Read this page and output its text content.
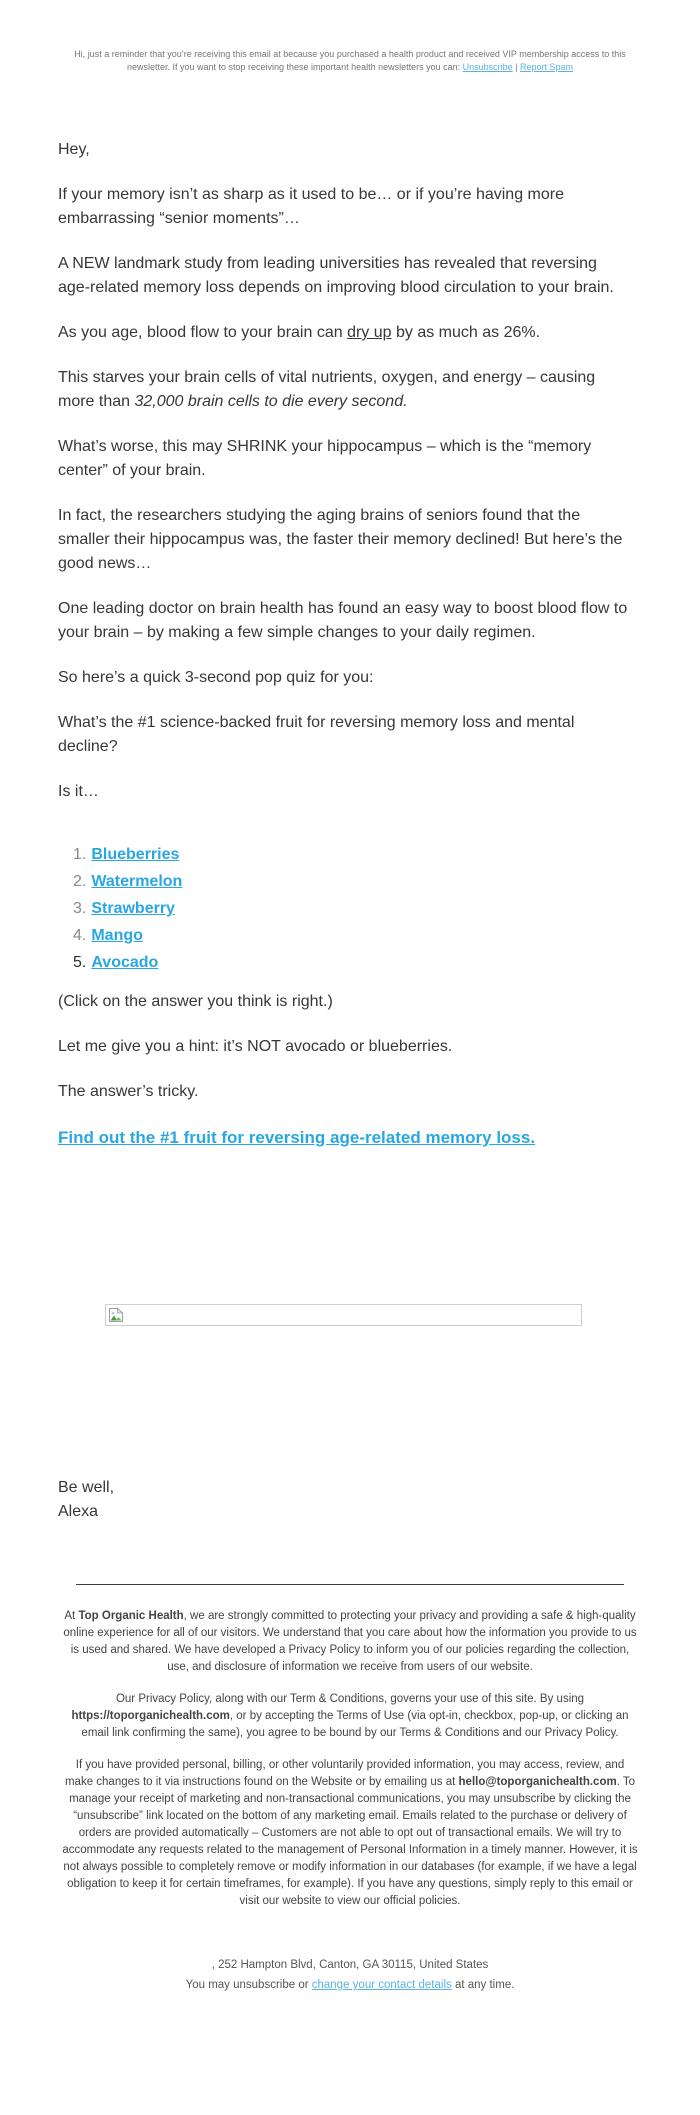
Hi, just a reminder that you’re receiving this email at because you purchased a health product and received VIP membership access to this newsletter. If you want to stop receiving these important health newsletters you can: Unsubscribe | Report Spam

Hey,

If your memory isn’t as sharp as it used to be… or if you’re having more embarrassing “senior moments”…

A NEW landmark study from leading universities has revealed that reversing age-related memory loss depends on improving blood circulation to your brain.

As you age, blood flow to your brain can dry up by as much as 26%.

This starves your brain cells of vital nutrients, oxygen, and energy – causing more than 32,000 brain cells to die every second.

What’s worse, this may SHRINK your hippocampus – which is the “memory center” of your brain.

In fact, the researchers studying the aging brains of seniors found that the smaller their hippocampus was, the faster their memory declined! But here’s the good news…

One leading doctor on brain health has found an easy way to boost blood flow to your brain – by making a few simple changes to your daily regimen.

So here’s a quick 3-second pop quiz for you:

What’s the #1 science-backed fruit for reversing memory loss and mental decline?

Is it…

1. Blueberries
2. Watermelon
3. Strawberry
4. Mango
5. Avocado

(Click on the answer you think is right.)

Let me give you a hint: it’s NOT avocado or blueberries.

The answer’s tricky.

Find out the #1 fruit for reversing age-related memory loss.

Be well,
Alexa

At Top Organic Health, we are strongly committed to protecting your privacy and providing a safe & high-quality online experience for all of our visitors. We understand that you care about how the information you provide to us is used and shared. We have developed a Privacy Policy to inform you of our policies regarding the collection, use, and disclosure of information we receive from users of our website.

Our Privacy Policy, along with our Term & Conditions, governs your use of this site. By using https://toporganichealth.com, or by accepting the Terms of Use (via opt-in, checkbox, pop-up, or clicking an email link confirming the same), you agree to be bound by our Terms & Conditions and our Privacy Policy.

If you have provided personal, billing, or other voluntarily provided information, you may access, review, and make changes to it via instructions found on the Website or by emailing us at hello@toporganichealth.com. To manage your receipt of marketing and non-transactional communications, you may unsubscribe by clicking the “unsubscribe” link located on the bottom of any marketing email. Emails related to the purchase or delivery of orders are provided automatically – Customers are not able to opt out of transactional emails. We will try to accommodate any requests related to the management of Personal Information in a timely manner. However, it is not always possible to completely remove or modify information in our databases (for example, if we have a legal obligation to keep it for certain timeframes, for example). If you have any questions, simply reply to this email or visit our website to view our official policies.

, 252 Hampton Blvd, Canton, GA 30115, United States

You may unsubscribe or change your contact details at any time.
